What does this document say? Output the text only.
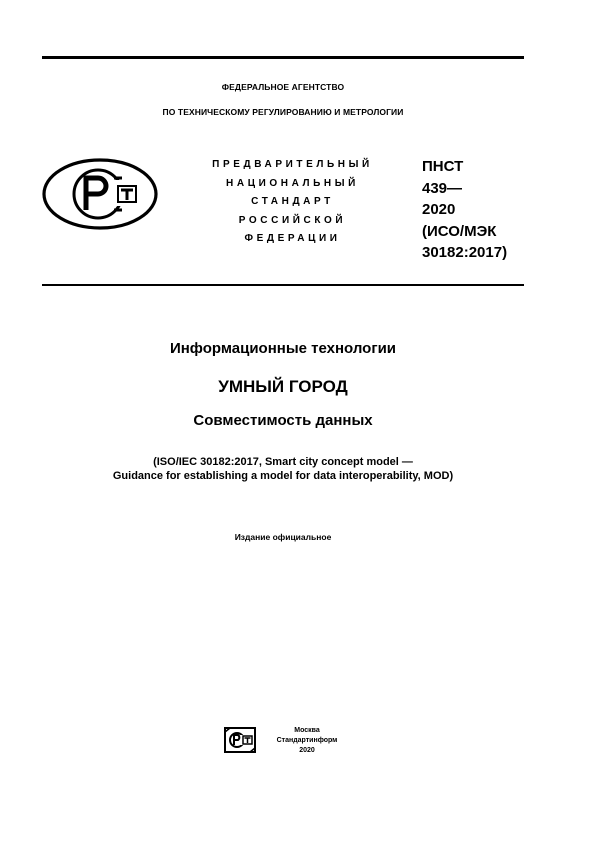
ФЕДЕРАЛЬНОЕ АГЕНТСТВО
ПО ТЕХНИЧЕСКОМУ РЕГУЛИРОВАНИЮ И МЕТРОЛОГИИ
ПРЕДВАРИТЕЛЬНЫЙ
НАЦИОНАЛЬНЫЙ
СТАНДАРТ
РОССИЙСКОЙ
ФЕДЕРАЦИИ
ПНСТ
439—
2020
(ИСО/МЭК
30182:2017)
Информационные технологии
УМНЫЙ ГОРОД
Совместимость данных
(ISO/IEC 30182:2017, Smart city concept model —
Guidance for establishing a model for data interoperability, MOD)
Издание официальное
Москва
Стандартинформ
2020
